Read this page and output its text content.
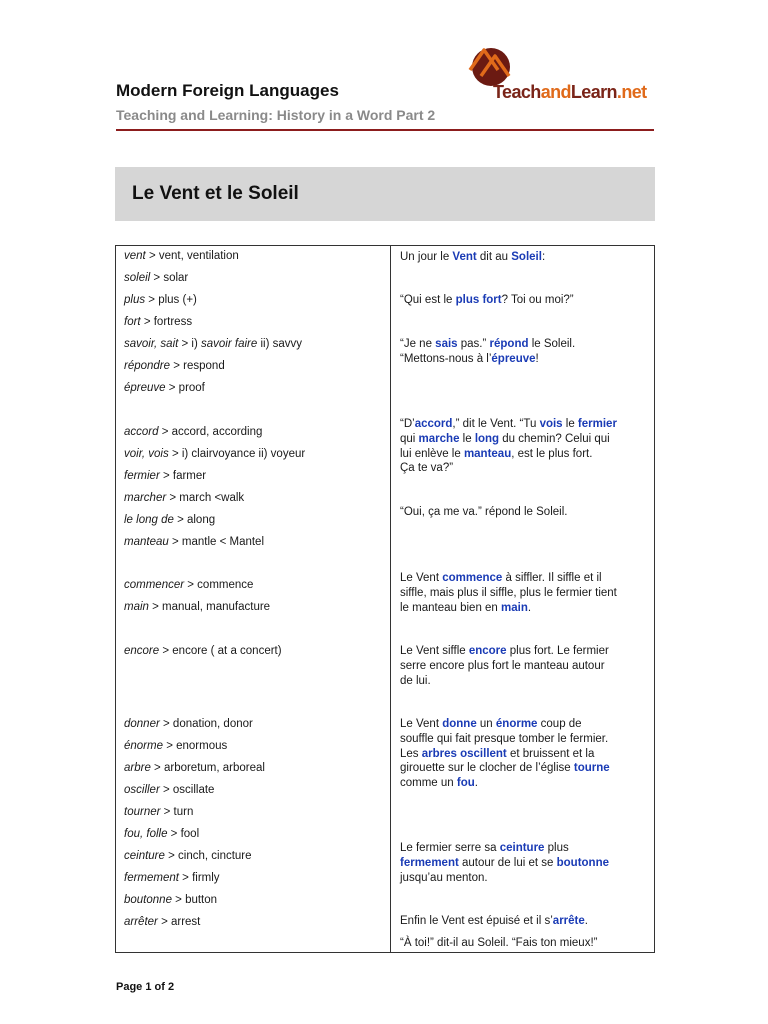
Modern Foreign Languages
Teaching and Learning: History in a Word Part 2
TeachandLearn.net
Le Vent et le Soleil
vent > vent, ventilation
soleil > solar
plus > plus (+)
fort > fortress
savoir, sait > i) savoir faire ii) savvy
répondre > respond
épreuve > proof
accord > accord, according
voir, vois > i) clairvoyance ii) voyeur
fermier > farmer
marcher > march <walk
le long de > along
manteau > mantle < Mantel
commencer > commence
main > manual, manufacture
encore > encore ( at a concert)
donner > donation, donor
énorme > enormous
arbre > arboretum, arboreal
osciller > oscillate
tourner > turn
fou, folle > fool
ceinture > cinch, cincture
fermement > firmly
boutonne > button
arrêter > arrest
Un jour le Vent dit au Soleil:
“Qui est le plus fort? Toi ou moi?”
“Je ne sais pas.” répond le Soleil.
“Mettons-nous à l’épreuve!
“D’accord,” dit le Vent. “Tu vois le fermier
qui marche le long du chemin? Celui qui
lui enlève le manteau, est le plus fort.
Ça te va?”
“Oui, ça me va.” répond le Soleil.
Le Vent commence à siffler. Il siffle et il
siffle, mais plus il siffle, plus le fermier tient
le manteau bien en main.
Le Vent siffle encore plus fort. Le fermier
serre encore plus fort le manteau autour
de lui.
Le Vent donne un énorme coup de
souffle qui fait presque tomber le fermier.
Les arbres oscillent et bruissent et la
girouette sur le clocher de l’église tourne
comme un fou.
Le fermier serre sa ceinture plus
fermement autour de lui et se boutonne
jusqu’au menton.
Enfin le Vent est épuisé et il s’arrête.
“À toi!” dit-il au Soleil. “Fais ton mieux!”
Page 1 of 2
